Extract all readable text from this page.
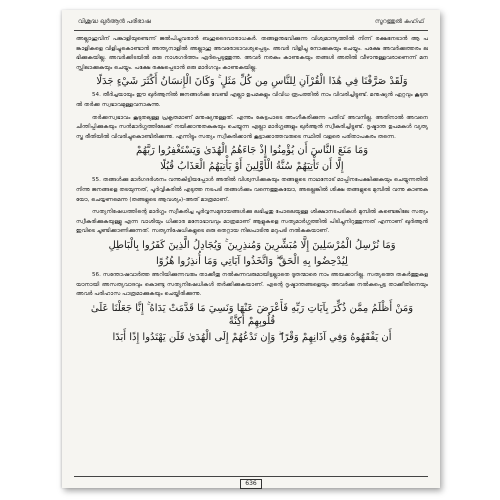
വിശുദ്ധ ഖുർആൻ പരിഭാഷ	സൂറത്തുൽ കഹ്ഫ്

അല്ലാഹുവിന് പങ്കാളിയുണ്ടെന്ന് ജൽപിച്ചുവരാൻ ബഹുദൈവാരാധകർ. തങ്ങളനുഭവിക്കുന്ന വിശ്വമാന്ദ്യത്തിൽ നിന്ന് രക്ഷനേടാൻ ആ പങ്കാളികളെ വിളിച്ചുകൊണ്ടാൻ അന്ത്യനാളിൽ അല്ലാഹു അവരോടാവശ്യപ്പെടും. അവർ വിളിച്ചു നോക്കുകയും ചെയ്യും. പക്ഷേ അവർക്കുത്തരം ലഭിക്കുകയില്ല. അവർക്കിടയിൽ ഒരു നാശഗർത്തം ഏർപ്പെടുത്തുന്നു. അവർ നരകം കാണുകയും തങ്ങൾ അതിൽ വീഴാനുള്ളവരാണെന്ന് മനസ്സിലാക്കുകയും ചെയ്യും. പക്ഷേ രക്ഷപ്പെടാൻ ഒരു മാർഗവും കാണുകയില്ല.

وَلَقَدْ صَرَّفْنَا فِي هَٰذَا الْقُرْآنِ لِلنَّاسِ مِن كُلِّ مَثَلٍ ۚ وَكَانَ الْإِنسَانُ أَكْثَرَ شَيْءٍ جَدَلًا

54. തീർച്ചയായും ഈ ഖുർആനിൽ ജനങ്ങൾക്കു വേണ്ടി എല്ലാ ഉപമകളും വിവിധ രൂപത്തിൽ നാം വിവരിച്ചിട്ടുണ്ട്. മനുഷ്യൻ ഏറ്റവും കൂടുതൽ തർക്ക സ്വഭാവമുള്ളവനാകുന്നു.

തർക്കസ്വഭാവം കൂടുതലുള്ള പ്രകൃതമാണ് മനുഷ്യനുള്ളത്. എന്നും കേട്ടപാടെ അംഗീകരിക്കുന്ന പതിവ് അവനില്ല. അതിനാൽ അവനെ ചിന്തിപ്പിക്കുകയും സൻമാർഗ്ഗത്തിലേക്ക് നയിക്കാനുതകുകയും ചെയ്യുന്ന എല്ലാ മാർഗ്ഗങ്ങളും ഖുർആൻ സ്വീകരിച്ചിട്ടുണ്ട്. ദൃഷ്ടാന്ത ഉപമകൾ വ്യത്യസ്ത രീതിയിൽ വിവരിച്ചുകൊണ്ടിരിക്കുന്നു. എന്നിട്ടും സത്യം സ്വീകരിക്കാൻ കൂട്ടാക്കാത്തവരുടെ സ്ഥിതി വളരെ പരിതാപകരം തന്നെ.

وَمَا مَنَعَ النَّاسَ أَن يُؤْمِنُوا إِذْ جَاءَهُمُ الْهُدَىٰ وَيَسْتَغْفِرُوا رَبَّهُمْ

إِلَّا أَن تَأْتِيَهُمْ سُنَّةُ الْأَوَّلِينَ أَوْ يَأْتِيَهُمُ الْعَذَابُ قُبُلًا

55. തങ്ങൾക്കു മാർഗദർശനം വന്നുകിട്ടിയപ്പോൾ അതിൽ വിശ്വസിക്കുകയും തങ്ങളുടെ നാഥനോട് മാപ്പിനപേക്ഷിക്കുകയും ചെയ്യുന്നതിൽനിന്നു ജനങ്ങളെ തടയുന്നത്, പൂർവ്വികരിൽ എടുത്ത നടപടി തങ്ങൾക്കും വന്നെത്തുകയോ, അല്ലെങ്കിൽ ശിക്ഷ തങ്ങളുടെ മുമ്പിൽ വന്നു കാണുകയോ, ചെയ്യണമെന്ന (തങ്ങളുടെ ആവശ്യം)-അത് മാത്രമാണ്.

സത്യനിഷേധത്തിന്റെ മാർഗ്ഗം സ്വീകരിച്ച പൂർവ്വസമുദായങ്ങൾക്കു ലഭിച്ചതു പോലെയുള്ള ശിക്ഷാനടപടികൾ മുമ്പിൽ കണ്ടെങ്കിലേ സത്യം സ്വീകരിക്കുകയുള്ളൂ എന്ന വാശിയും ധിക്കാര മനോഭാവവും മാത്രമാണ് ആളുകളെ സത്യമാർഗ്ഗത്തിൽ പിടിച്ചുനിറുത്തുന്നത് എന്നാണ് ഖുർആൻ ഇവിടെ ചൂണ്ടിക്കാണിക്കുന്നത്. സത്യനിഷേധികളുടെ ഒരു തെറ്റായ നിലപാടിനു മറുപടി നൽകുകയാണ്.

وَمَا نُرْسِلُ الْمُرْسَلِينَ إِلَّا مُبَشِّرِينَ وَمُنذِرِينَ ۚ وَيُجَادِلُ الَّذِينَ كَفَرُوا بِالْبَاطِلِ

لِيُدْحِضُوا بِهِ الْحَقَّ ۖ وَاتَّخَذُوا آيَاتِي وَمَا أُنذِرُوا هُزُوًا

56. സന്തോഷവാർത്ത അറിയിക്കുന്നവരും താക്കീതു നൽകുന്നവരുമായിട്ടല്ലാതെ ദൂതന്മാരെ നാം അയക്കാറില്ല. സത്യത്തെ തകർത്തുകളയാനായി അസത്യവാദവും കൊണ്ടു സത്യനിഷേധികൾ തർക്കിക്കുകയാണ്. എന്റെ ദൃഷ്ടാന്തങ്ങളെയും അവർക്കു നൽകപ്പെട്ട താക്കീതിനെയും അവർ പരിഹാസ പാത്രമാക്കുകയും ചെയ്തിരിക്കുന്നു.

وَمَنْ أَظْلَمُ مِمَّن ذُكِّرَ بِآيَاتِ رَبِّهِ فَأَعْرَضَ عَنْهَا وَنَسِيَ مَا قَدَّمَتْ يَدَاهُ ۚ إِنَّا جَعَلْنَا عَلَىٰ قُلُوبِهِمْ أَكِنَّةً

أَن يَفْقَهُوهُ وَفِي آذَانِهِمْ وَقْرًا ۖ وَإِن تَدْعُهُمْ إِلَى الْهُدَىٰ فَلَن يَهْتَدُوا إِذًا أَبَدًا

636
